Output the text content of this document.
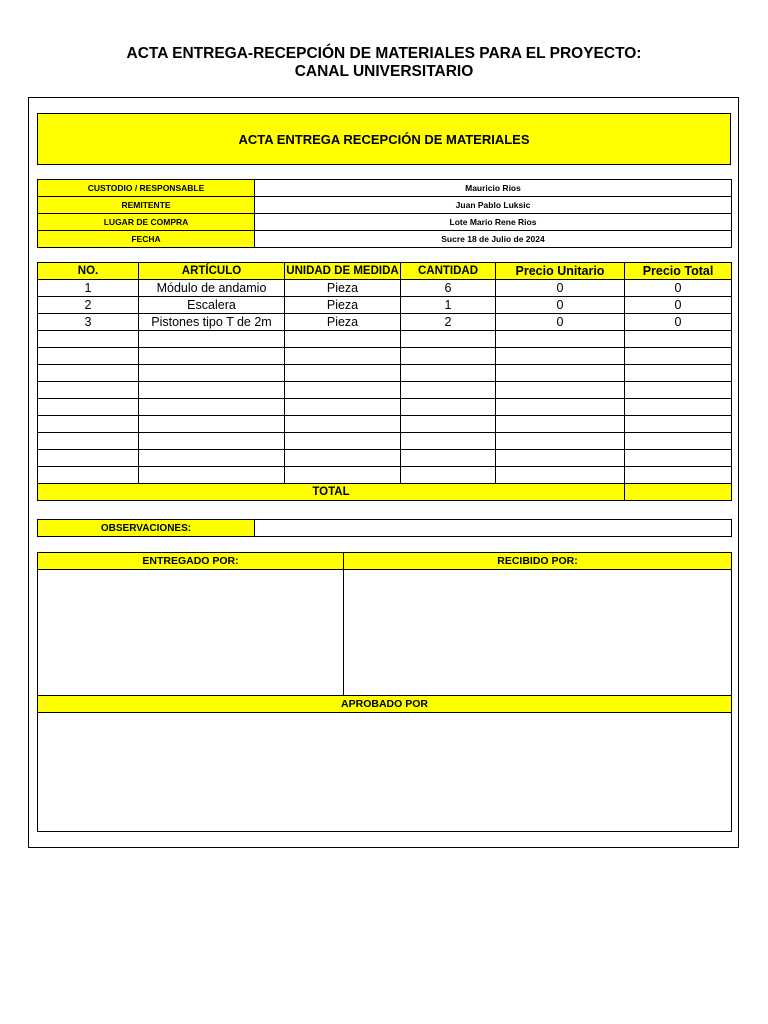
ACTA ENTREGA-RECEPCIÓN DE MATERIALES PARA EL PROYECTO:
CANAL UNIVERSITARIO
ACTA ENTREGA RECEPCIÓN DE MATERIALES
CUSTODIO / RESPONSABLE	Mauricio Rios
REMITENTE	Juan Pablo Luksic
LUGAR DE COMPRA	Lote Mario Rene Rios
FECHA	Sucre 18 de Julio de 2024
NO.	ARTÍCULO	UNIDAD DE MEDIDA	CANTIDAD	Precio Unitario	Precio Total
1	Módulo de andamio	Pieza	6	0	0
2	Escalera	Pieza	1	0	0
3	Pistones tipo T de 2m	Pieza	2	0	0

TOTAL					
OBSERVACIONES:	
ENTREGADO POR:	RECIBIDO POR:

APROBADO POR	
